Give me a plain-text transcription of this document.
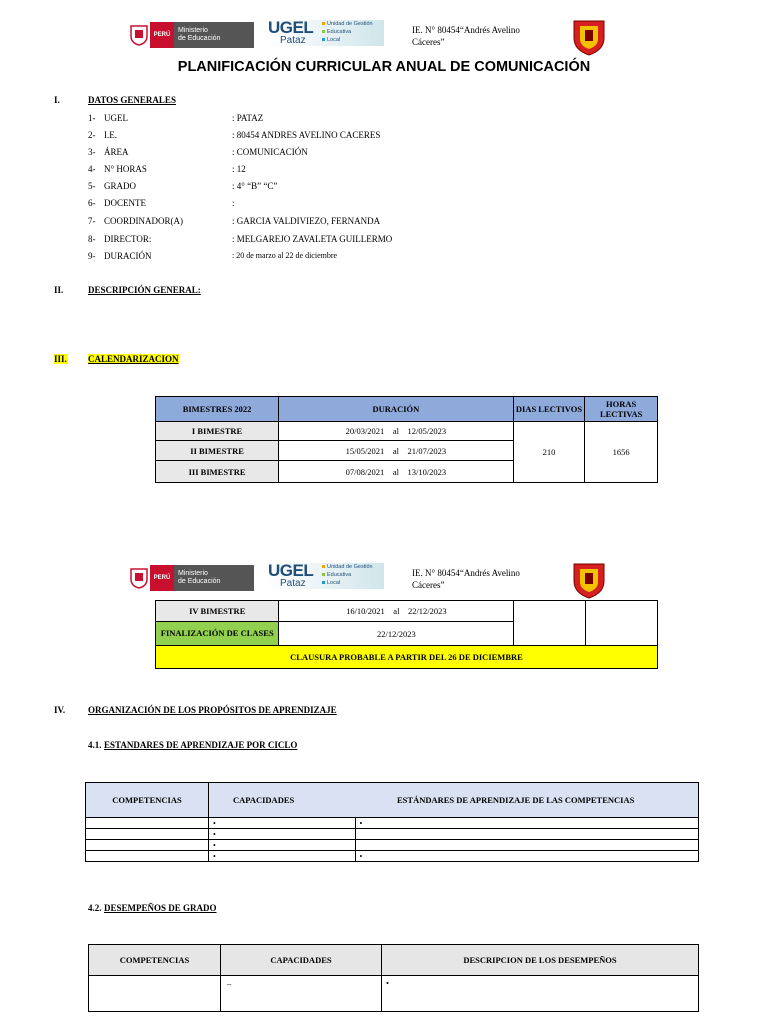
PERÚ
Ministerio
de Educación
UGEL
Pataz
Unidad de Gestión
Educativa
Local
IE. N° 80454“Andrés Avelino Cáceres”
PLANIFICACIÓN CURRICULAR ANUAL DE COMUNICACIÓN
I.	DATOS GENERALES
1- UGEL	: PATAZ
2- I.E.	: 80454 ANDRES AVELINO CACERES
3- ÁREA	: COMUNICACIÓN
4- N° HORAS	: 12
5- GRADO	: 4° “B” “C”
6- DOCENTE	:
7- COORDINADOR(A)	: GARCIA VALDIVIEZO, FERNANDA
8- DIRECTOR:	: MELGAREJO ZAVALETA GUILLERMO
9- DURACIÓN	: 20 de marzo al 22 de diciembre
II.	DESCRIPCIÓN GENERAL:
III. CALENDARIZACION
BIMESTRES 2022	DURACIÓN	DIAS LECTIVOS	HORAS LECTIVAS
I BIMESTRE	20/03/2021 al 12/05/2023	210	1656
II BIMESTRE	15/05/2021 al 21/07/2023		
III BIMESTRE	07/08/2021 al 13/10/2023		
PERÚ
Ministerio
de Educación
UGEL
Pataz
Unidad de Gestión
Educativa
Local
IE. N° 80454“Andrés Avelino Cáceres”
IV BIMESTRE	16/10/2021 al 22/12/2023		
FINALIZACIÓN DE CLASES	22/12/2023		
CLAUSURA PROBABLE A PARTIR DEL 26 DE DICIEMBRE			
IV.	ORGANIZACIÓN DE LOS PROPÓSITOS DE APRENDIZAJE
4.1. ESTANDARES DE APRENDIZAJE POR CICLO
COMPETENCIAS	CAPACIDADES	ESTÁNDARES DE APRENDIZAJE DE LAS COMPETENCIAS
	•	•
	•	
	•	
	•	•
4.2. DESEMPEÑOS DE GRADO
COMPETENCIAS	CAPACIDADES	DESCRIPCION DE LOS DESEMPEÑOS
	–	•
